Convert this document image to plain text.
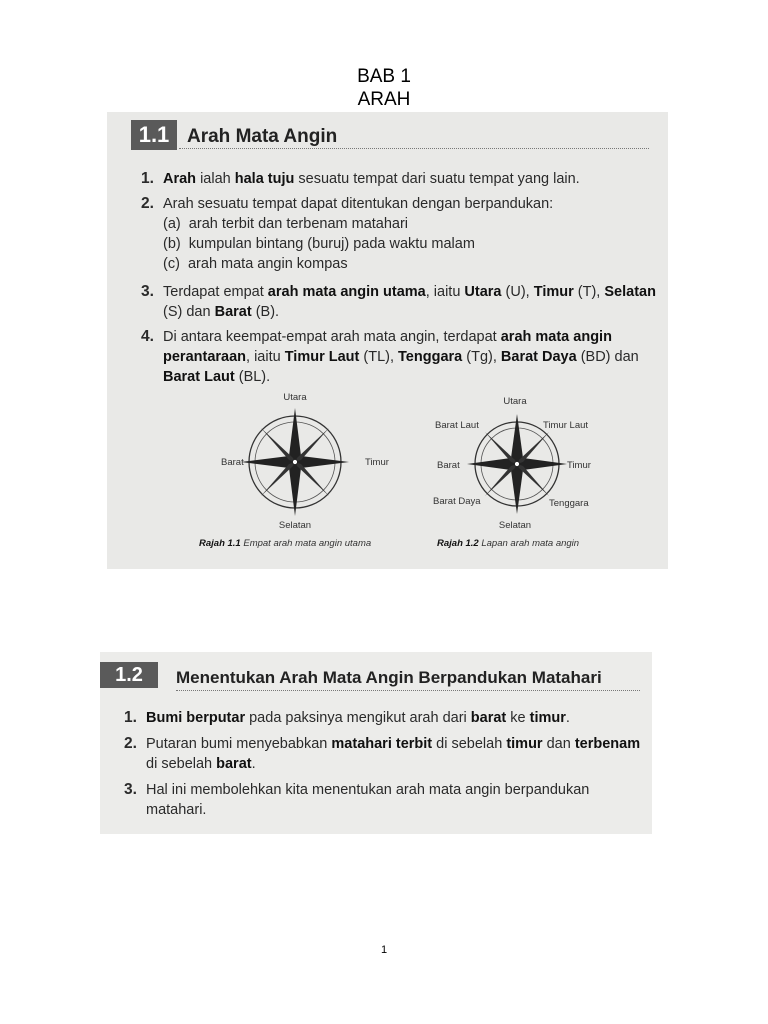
BAB 1
ARAH
1.1 Arah Mata Angin
1. Arah ialah hala tuju sesuatu tempat dari suatu tempat yang lain.
2. Arah sesuatu tempat dapat ditentukan dengan berpandukan:
(a) arah terbit dan terbenam matahari
(b) kumpulan bintang (buruj) pada waktu malam
(c) arah mata angin kompas
3. Terdapat empat arah mata angin utama, iaitu Utara (U), Timur (T), Selatan (S) dan Barat (B).
4. Di antara keempat-empat arah mata angin, terdapat arah mata angin perantaraan, iaitu Timur Laut (TL), Tenggara (Tg), Barat Daya (BD) dan Barat Laut (BL).
Utara
Selatan
Timur
Barat
Rajah 1.1 Empat arah mata angin utama
Utara
Selatan
Timur
Barat
Timur Laut
Barat Laut
Tenggara
Barat Daya
Rajah 1.2 Lapan arah mata angin
1.2	Menentukan Arah Mata Angin Berpandukan Matahari
1. Bumi berputar pada paksinya mengikut arah dari barat ke timur.
2. Putaran bumi menyebabkan matahari terbit di sebelah timur dan terbenam di sebelah barat.
3. Hal ini membolehkan kita menentukan arah mata angin berpandukan matahari.
1
